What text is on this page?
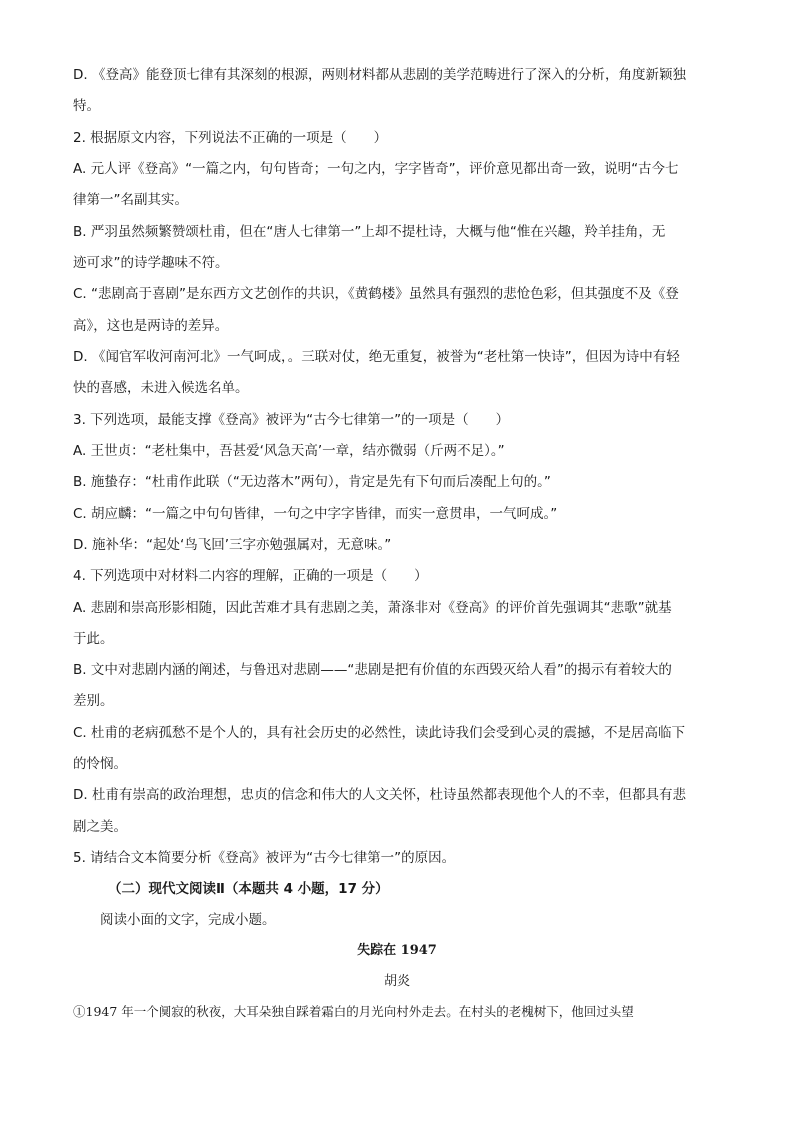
D. 《登高》能登顶七律有其深刻的根源，两则材料都从悲剧的美学范畴进行了深入的分析，角度新颖独
特。
2. 根据原文内容，下列说法不正确的一项是（　　）
A. 元人评《登高》“一篇之内，句句皆奇；一句之内，字字皆奇”，评价意见都出奇一致，说明“古今七
律第一”名副其实。
B. 严羽虽然频繁赞颂杜甫，但在“唐人七律第一”上却不提杜诗，大概与他“惟在兴趣，羚羊挂角，无
迹可求”的诗学趣味不符。
C. “悲剧高于喜剧”是东西方文艺创作的共识，《黄鹤楼》虽然具有强烈的悲怆色彩，但其强度不及《登
高》，这也是两诗的差异。
D. 《闻官军收河南河北》一气呵成，。三联对仗，绝无重复，被誉为“老杜第一快诗”，但因为诗中有轻
快的喜感，未进入候选名单。
3. 下列选项，最能支撑《登高》被评为“古今七律第一”的一项是（　　）
A. 王世贞：“老杜集中，吾甚爱‘风急天高’一章，结亦微弱（斤两不足）。”
B. 施蛰存：“杜甫作此联（“无边落木”两句），肯定是先有下句而后凑配上句的。”
C. 胡应麟：“一篇之中句句皆律，一句之中字字皆律，而实一意贯串，一气呵成。”
D. 施补华：“起处‘鸟飞回’三字亦勉强属对，无意味。”
4. 下列选项中对材料二内容的理解，正确的一项是（　　）
A. 悲剧和崇高形影相随，因此苦难才具有悲剧之美，萧涤非对《登高》的评价首先强调其“悲歌”就基
于此。
B. 文中对悲剧内涵的阐述，与鲁迅对悲剧——“悲剧是把有价值的东西毁灭给人看”的揭示有着较大的
差别。
C. 杜甫的老病孤愁不是个人的，具有社会历史的必然性，读此诗我们会受到心灵的震撼，不是居高临下
的怜悯。
D. 杜甫有崇高的政治理想，忠贞的信念和伟大的人文关怀，杜诗虽然都表现他个人的不幸，但都具有悲
剧之美。
5. 请结合文本简要分析《登高》被评为“古今七律第一”的原因。
（二）现代文阅读Ⅱ（本题共 4 小题，17 分）
阅读小面的文字，完成小题。
失踪在 1947
胡炎
①1947 年一个阒寂的秋夜，大耳朵独自踩着霜白的月光向村外走去。在村头的老槐树下，他回过头望
